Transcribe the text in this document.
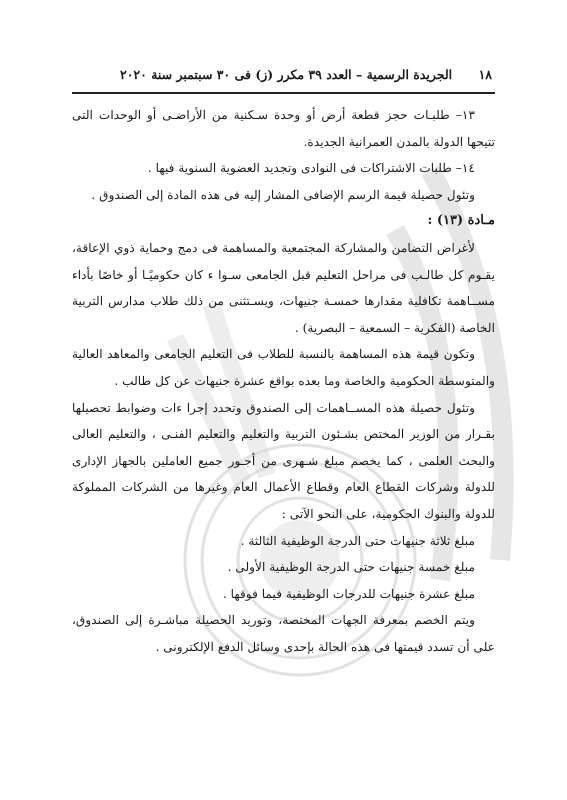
١٨
الجريدة الرسمية – العدد ٣٩ مكرر (ز) فى ٣٠ سبتمبر سنة ٢٠٢٠

١٣– طلبـات حجز قطعة أرض أو وحدة سـكنية من الأراضـى أو الوحدات التى تتيحها الدولة بالمدن العمرانية الجديدة.

١٤– طلبات الاشتراكات فى النوادى وتجديد العضوية السنوية فيها .

وتئول حصيلة قيمة الرسم الإضافى المشار إليه فى هذه المادة إلى الصندوق .

مـادة (١٣) :

لأغراض التضامن والمشاركة المجتمعية والمساهمة فى دمج وحماية ذوي الإعاقة، يقـوم كل طالـب فى مراحل التعليم قبل الجامعى سـوا ء كان حكوميًـا أو خاصًا بأداء مســاهمة تكافلية مقدارها خمسـة جنيهات، ويسـتثنى من ذلك طلاب مدارس التربية الخاصة (الفكرية – السمعية – البصرية) .

وتكون قيمة هذه المساهمة بالنسبة للطلاب فى التعليم الجامعى والمعاهد العالية والمتوسطة الحكومية والخاصة وما بعده بواقع عشرة جنيهات عن كل طالب .

وتئول حصيلة هذه المســاهمات إلى الصندوق وتحدد إجرا ءات وضوابط تحصيلها بقـرار من الوزير المختص بشـئون التربية والتعليم والتعليم الفنـى ، والتعليم العالى والبحث العلمى ، كما يخصم مبلغ شـهرى من أجـور جميع العاملين بالجهاز الإدارى للدولة وشركات القطاع العام وقطاع الأعمال العام وغيرها من الشركات المملوكة للدولة والبنوك الحكومية، على النحو الآتى :

مبلغ ثلاثة جنيهات حتى الدرجة الوظيفية الثالثة .

مبلغ خمسة جنيهات حتى الدرجة الوظيفية الأولى .

مبلغ عشرة جنيهات للدرجات الوظيفية فيما فوقها .

ويتم الخصم بمعرفة الجهات المختصة، وتوريد الحصيلة مباشـرة إلى الصندوق، على أن تسدد قيمتها فى هذه الحالة بإحدى وسائل الدفع الإلكترونى .
